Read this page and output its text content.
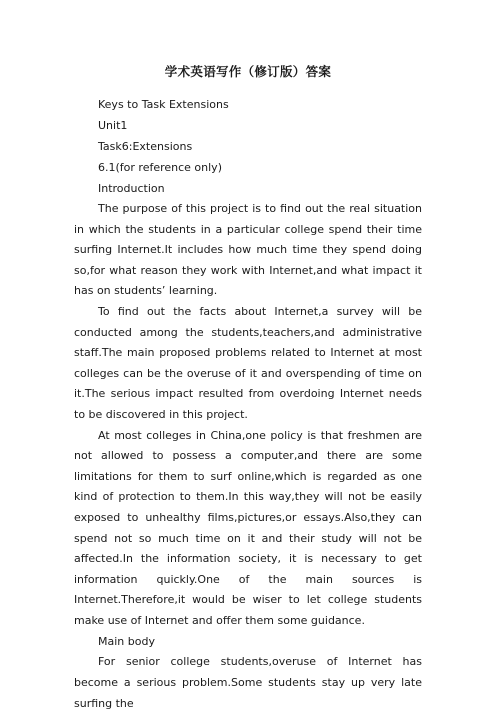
学术英语写作（修订版）答案

Keys to Task Extensions

Unit1

Task6:Extensions

6.1(for reference only)

Introduction

The purpose of this project is to find out the real situation in which the students in a particular college spend their time surfing Internet.It includes how much time they spend doing so,for what reason they work with Internet,and what impact it has on students’ learning.

To find out the facts about Internet,a survey will be conducted among the students,teachers,and administrative staff.The main proposed problems related to Internet at most colleges can be the overuse of it and overspending of time on it.The serious impact resulted from overdoing Internet needs to be discovered in this project.

At most colleges in China,one policy is that freshmen are not allowed to possess a computer,and there are some limitations for them to surf online,which is regarded as one kind of protection to them.In this way,they will not be easily exposed to unhealthy films,pictures,or essays.Also,they can spend not so much time on it and their study will not be affected.In the information society, it is necessary to get information quickly.One of the main sources is Internet.Therefore,it would be wiser to let college students make use of Internet and offer them some guidance.

Main body

For senior college students,overuse of Internet has become a serious problem.Some students stay up very late surfing the
